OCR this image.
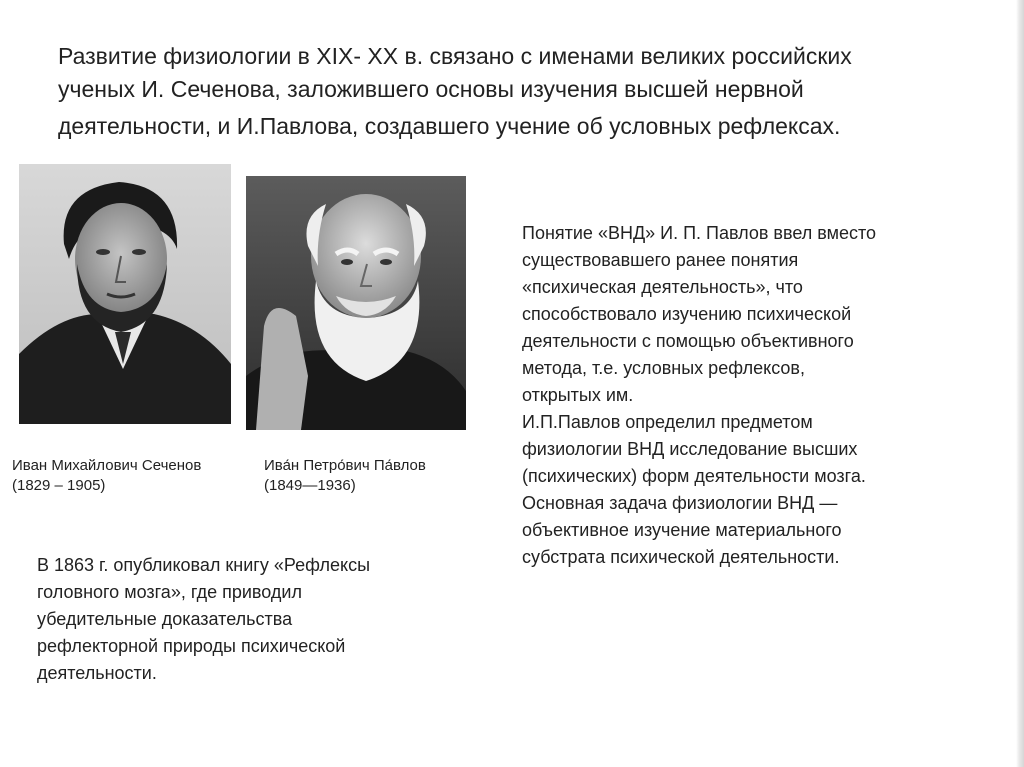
Развитие физиологии в XIX- XX в. связано с именами великих российских
ученых И. Сеченова, заложившего основы изучения высшей нервной
деятельности, и И.Павлова, создавшего учение об условных рефлексах.
Иван Михайлович Сеченов
(1829 – 1905)
Ива́н Петро́вич Па́влов
(1849—1936)
Понятие «ВНД» И. П. Павлов ввел вместо
существовавшего ранее понятия
«психическая деятельность», что
способствовало изучению психической
деятельности с помощью объективного
метода, т.е. условных рефлексов,
открытых им.
И.П.Павлов определил предметом
физиологии ВНД исследование высших
(психических) форм деятельности мозга.
Основная задача физиологии ВНД —
объективное изучение материального
субстрата психической деятельности.
В 1863 г. опубликовал книгу «Рефлексы
головного мозга», где приводил
убедительные доказательства
рефлекторной природы психической
деятельности.
